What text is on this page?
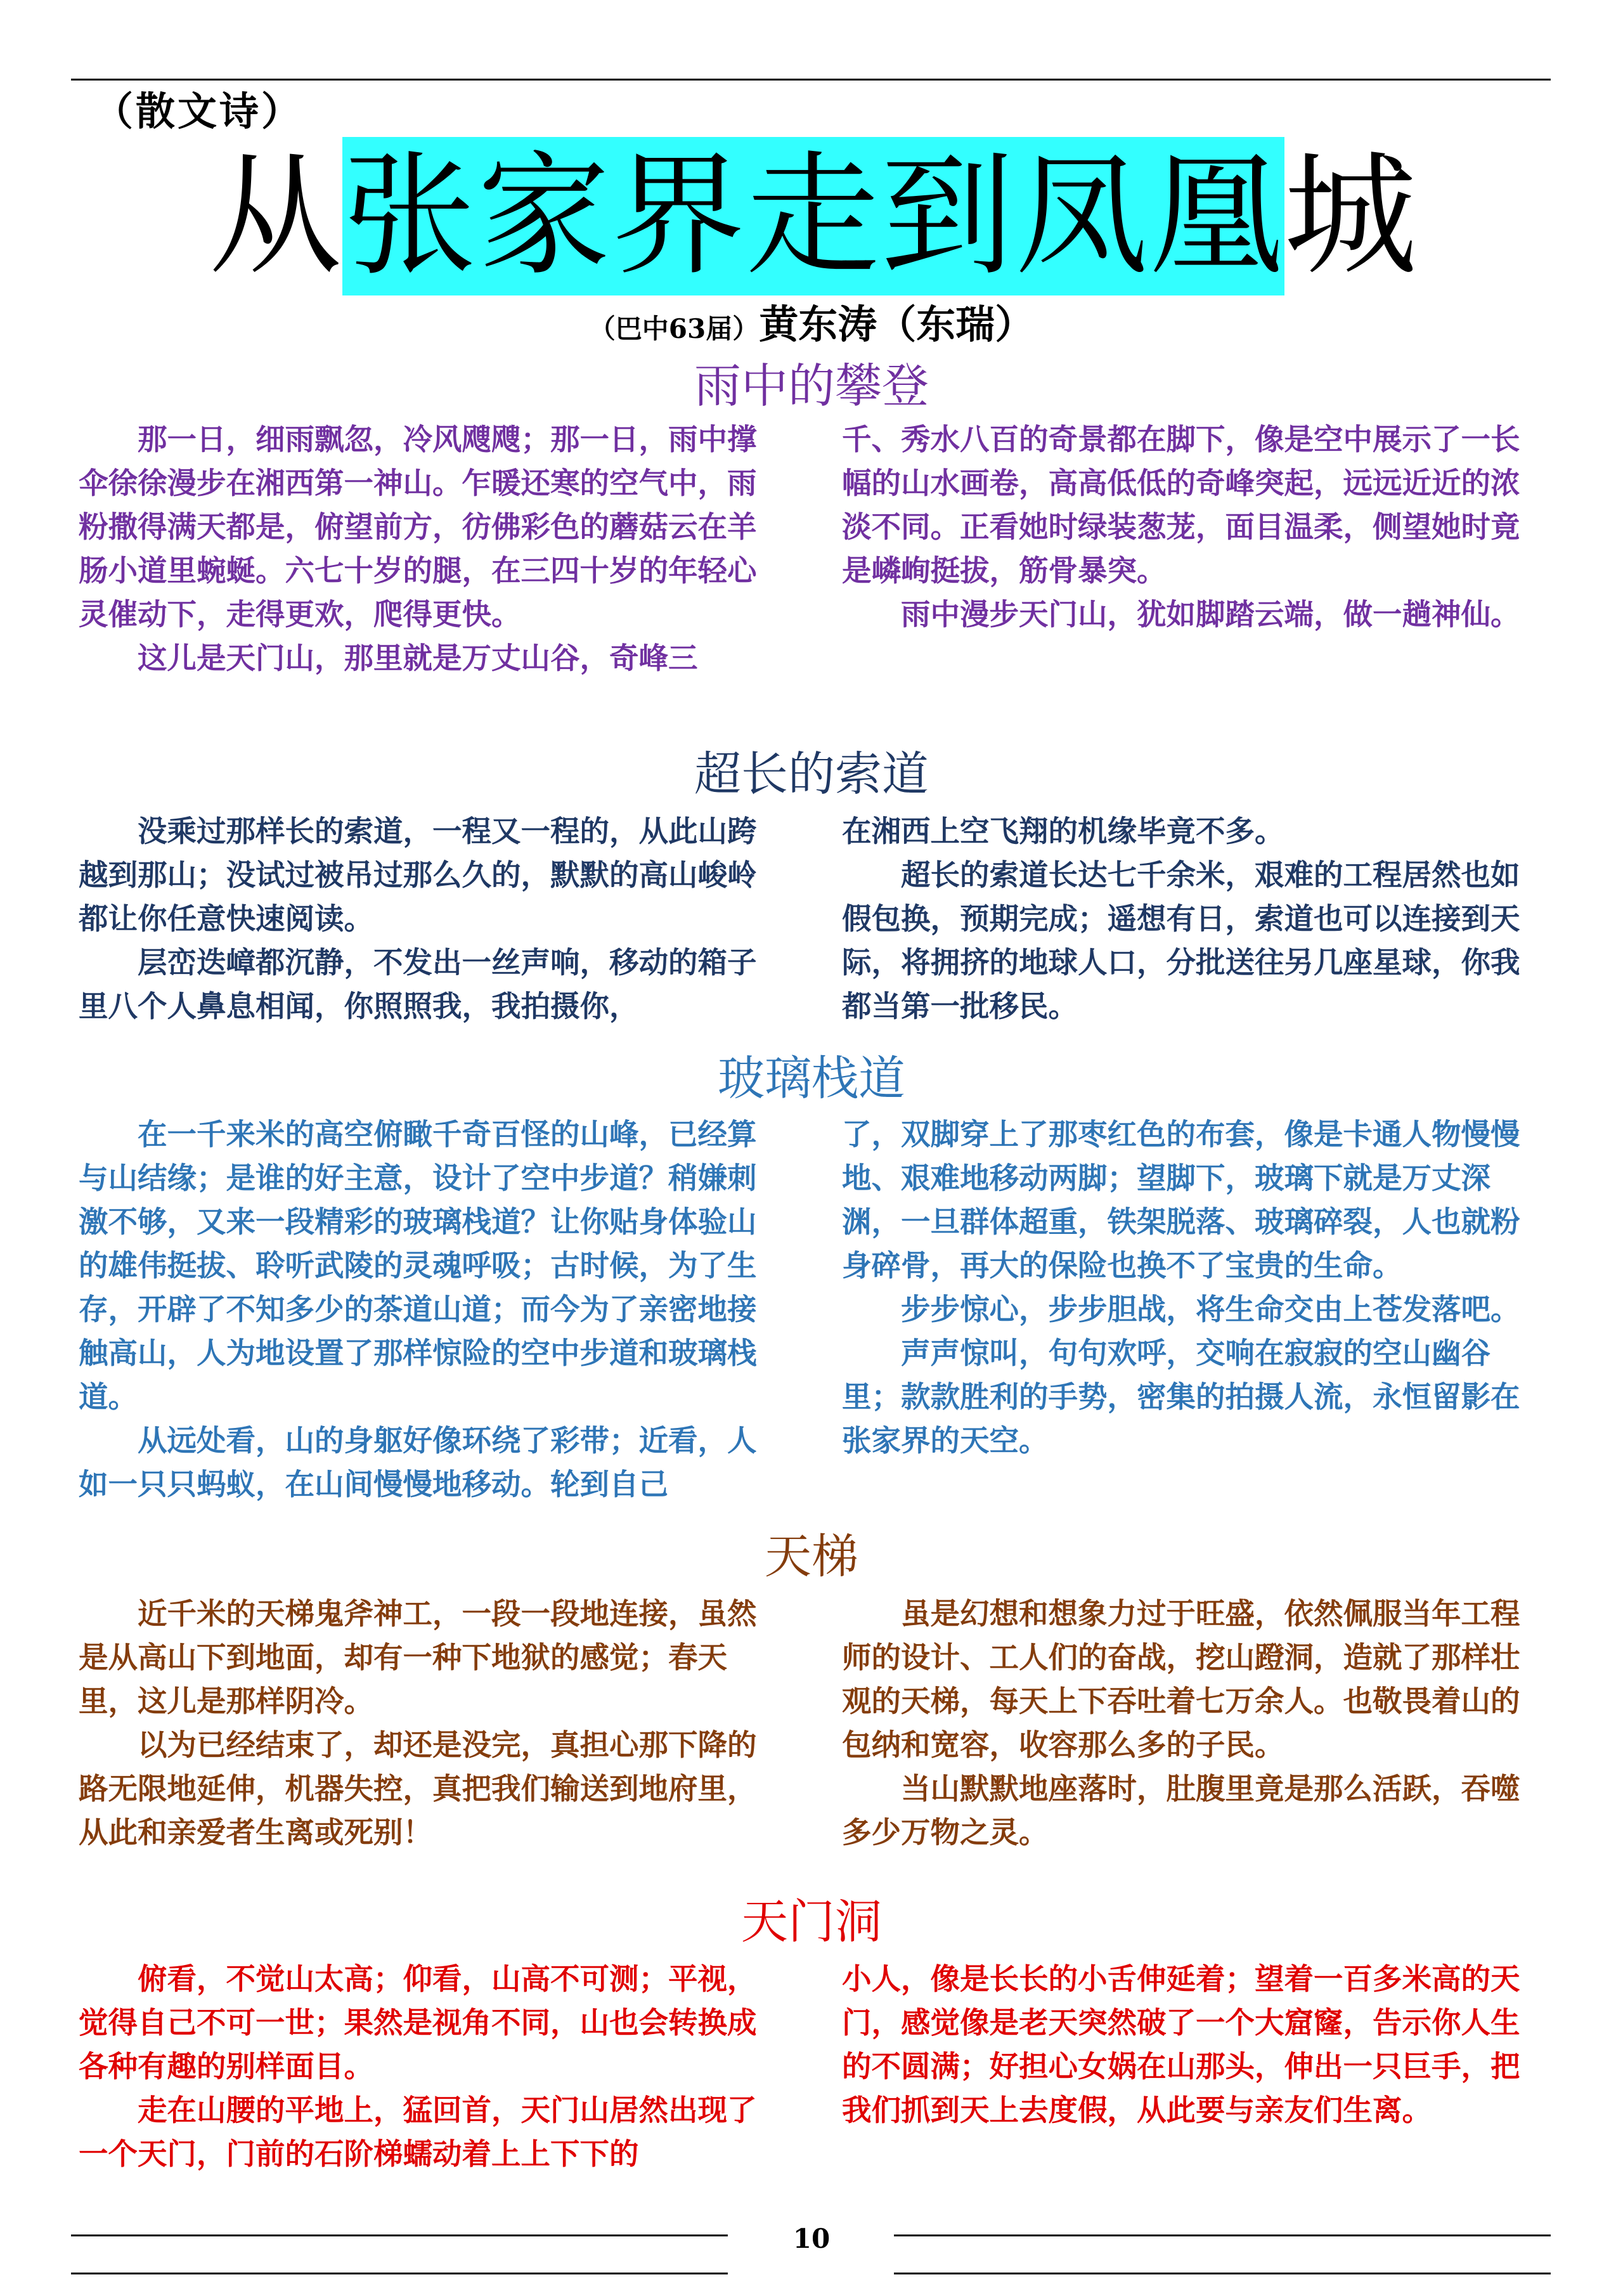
（散文诗）
从张家界走到凤凰城
（巴中63届）黄东涛（东瑞）
雨中的攀登

那一日，细雨飘忽，冷风飕飕；那一日，雨中撑伞徐徐漫步在湘西第一神山。乍暖还寒的空气中，雨粉撒得满天都是，俯望前方，彷佛彩色的蘑菇云在羊肠小道里蜿蜒。六七十岁的腿，在三四十岁的年轻心灵催动下，走得更欢，爬得更快。

这儿是天门山，那里就是万丈山谷，奇峰三

千、秀水八百的奇景都在脚下，像是空中展示了一长幅的山水画卷，高高低低的奇峰突起，远远近近的浓淡不同。正看她时绿装葱茏，面目温柔，侧望她时竟是嶙峋挺拔，筋骨暴突。

雨中漫步天门山，犹如脚踏云端，做一趟神仙。

超长的索道

没乘过那样长的索道，一程又一程的，从此山跨越到那山；没试过被吊过那么久的，默默的高山峻岭都让你任意快速阅读。

层峦迭嶂都沉静，不发出一丝声响，移动的箱子里八个人鼻息相闻，你照照我，我拍摄你，

在湘西上空飞翔的机缘毕竟不多。

超长的索道长达七千余米，艰难的工程居然也如假包换，预期完成；遥想有日，索道也可以连接到天际，将拥挤的地球人口，分批送往另几座星球，你我都当第一批移民。

玻璃栈道

在一千来米的高空俯瞰千奇百怪的山峰，已经算与山结缘；是谁的好主意，设计了空中步道？稍嫌刺激不够，又来一段精彩的玻璃栈道？让你贴身体验山的雄伟挺拔、聆听武陵的灵魂呼吸；古时候，为了生存，开辟了不知多少的茶道山道；而今为了亲密地接触高山，人为地设置了那样惊险的空中步道和玻璃栈道。

从远处看，山的身躯好像环绕了彩带；近看，人如一只只蚂蚁，在山间慢慢地移动。轮到自己

了，双脚穿上了那枣红色的布套，像是卡通人物慢慢地、艰难地移动两脚；望脚下，玻璃下就是万丈深渊，一旦群体超重，铁架脱落、玻璃碎裂，人也就粉身碎骨，再大的保险也换不了宝贵的生命。

步步惊心，步步胆战，将生命交由上苍发落吧。

声声惊叫，句句欢呼，交响在寂寂的空山幽谷里；款款胜利的手势，密集的拍摄人流，永恒留影在张家界的天空。

天梯

近千米的天梯鬼斧神工，一段一段地连接，虽然是从高山下到地面，却有一种下地狱的感觉；春天里，这儿是那样阴冷。

以为已经结束了，却还是没完，真担心那下降的路无限地延伸，机器失控，真把我们输送到地府里，从此和亲爱者生离或死别！

虽是幻想和想象力过于旺盛，依然佩服当年工程师的设计、工人们的奋战，挖山蹬洞，造就了那样壮观的天梯，每天上下吞吐着七万余人。也敬畏着山的包纳和宽容，收容那么多的子民。

当山默默地座落时，肚腹里竟是那么活跃，吞噬多少万物之灵。

天门洞

俯看，不觉山太高；仰看，山高不可测；平视，觉得自己不可一世；果然是视角不同，山也会转换成各种有趣的别样面目。

走在山腰的平地上，猛回首，天门山居然出现了一个天门，门前的石阶梯蠕动着上上下下的

小人，像是长长的小舌伸延着；望着一百多米高的天门，感觉像是老天突然破了一个大窟窿，告示你人生的不圆满；好担心女娲在山那头，伸出一只巨手，把我们抓到天上去度假，从此要与亲友们生离。

10
